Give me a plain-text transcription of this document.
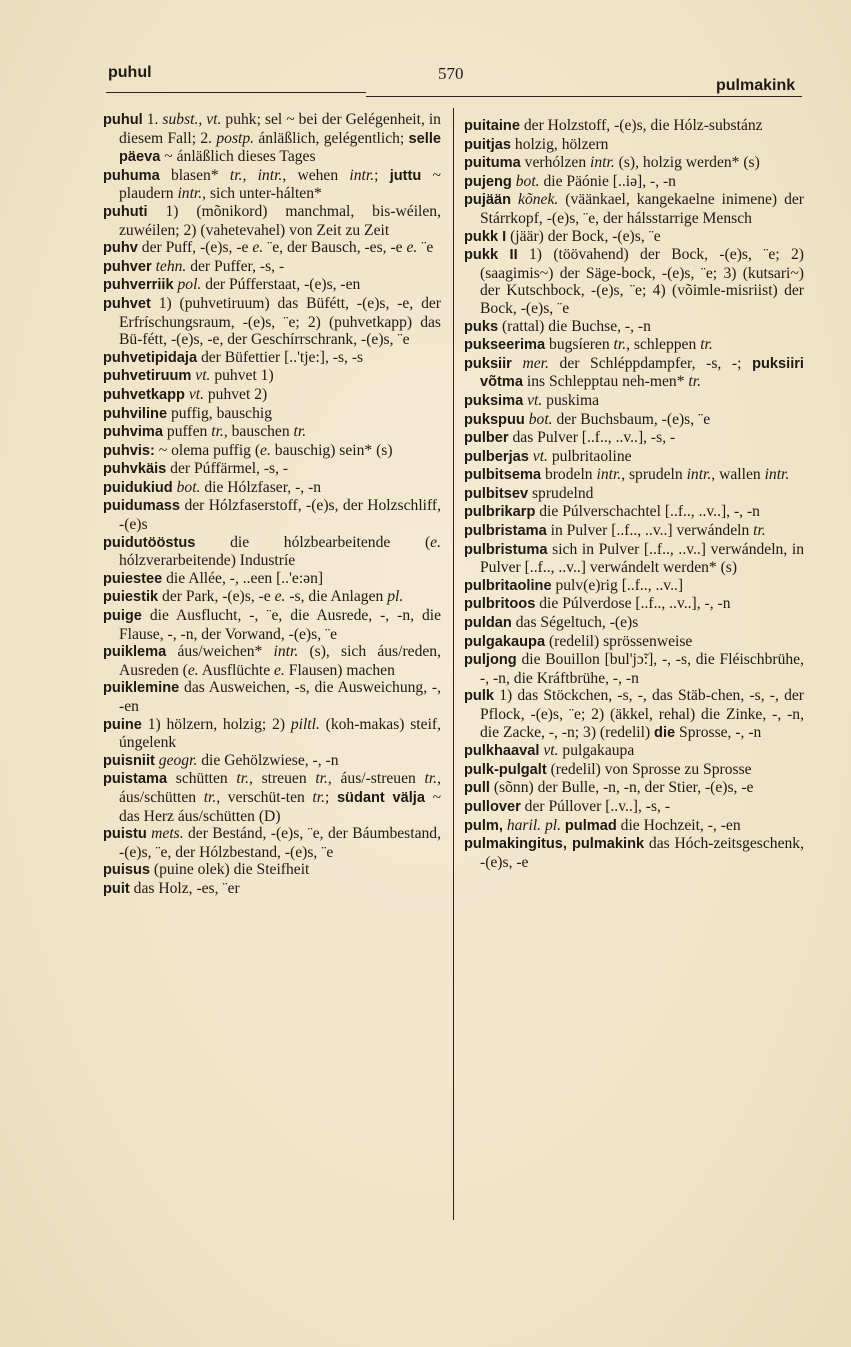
puhul	570
pulmakink
puhul 1. subst., vt. puhk; sel ~ bei der Gelégenheit, in diesem Fall; 2. postp. ánläßlich, gelégentlich; selle päeva ~ ánläßlich dieses Tages
puhuma blasen* tr., intr., wehen intr.; juttu ~ plaudern intr., sich unter-hálten*
puhuti 1) (mõnikord) manchmal, bis-wéilen, zuwéilen; 2) (vahetevahel) von Zeit zu Zeit
puhv der Puff, -(e)s, -e e. ¨e, der Bausch, -es, -e e. ¨e
puhver tehn. der Puffer, -s, -
puhverriik pol. der Púfferstaat, -(e)s, -en
puhvet 1) (puhvetiruum) das Büfétt, -(e)s, -e, der Erfríschungsraum, -(e)s, ¨e; 2) (puhvetkapp) das Bü-fétt, -(e)s, -e, der Geschírrschrank, -(e)s, ¨e
puhvetipidaja der Büfettier [..'tje:], -s, -s
puhvetiruum vt. puhvet 1)
puhvetkapp vt. puhvet 2)
puhviline puffig, bauschig
puhvima puffen tr., bauschen tr.
puhvis: ~ olema puffig (e. bauschig) sein* (s)
puhvkäis der Púffärmel, -s, -
puidukiud bot. die Hólzfaser, -, -n
puidumass der Hólzfaserstoff, -(e)s, der Holzschliff, -(e)s
puidutööstus die hólzbearbeitende (e. hólzverarbeitende) Industríe
puiestee die Alléе, -, ..een [..'e:ən]
puiestik der Park, -(e)s, -e e. -s, die Anlagen pl.
puige die Ausflucht, -, ¨e, die Ausrede, -, -n, die Flause, -, -n, der Vorwand, -(e)s, ¨e
puiklema áus/weichen* intr. (s), sich áus/reden, Ausreden (e. Ausflüchte e. Flausen) machen
puiklemine das Ausweichen, -s, die Ausweichung, -, -en
puine 1) hölzern, holzig; 2) piltl. (koh-makas) steif, úngelenk
puisniit geogr. die Gehölzwiese, -, -n
puistama schütten tr., streuen tr., áus/-streuen tr., áus/schütten tr., verschüt-ten tr.; südant välja ~ das Herz áus/schütten (D)
puistu mets. der Bestánd, -(e)s, ¨e, der Báumbestand, -(e)s, ¨e, der Hólzbestand, -(e)s, ¨e
puisus (puine olek) die Steifheit
puit das Holz, -es, ¨er
puitaine der Holzstoff, -(e)s, die Hólz-substánz
puitjas holzig, hölzern
puituma verhólzen intr. (s), holzig werden* (s)
pujeng bot. die Päónie [..iə], -, -n
pujään kõnek. (väänkael, kangekaelne inimene) der Stárrkopf, -(e)s, ¨e, der hálsstarrige Mensch
pukk I (jäär) der Bock, -(e)s, ¨e
pukk II 1) (töövahend) der Bock, -(e)s, ¨e; 2) (saagimis~) der Säge-bock, -(e)s, ¨e; 3) (kutsari~) der Kutschbock, -(e)s, ¨e; 4) (võimle-misriist) der Bock, -(e)s, ¨e
puks (rattal) die Buchse, -, -n
pukseerima bugsíeren tr., schleppen tr.
puksiir mer. der Schléppdampfer, -s, -; puksiiri võtma ins Schlepptau neh-men* tr.
puksima vt. puskima
pukspuu bot. der Buchsbaum, -(e)s, ¨e
pulber das Pulver [..f.., ..v..], -s, -
pulberjas vt. pulbritaoline
pulbitsema brodeln intr., sprudeln intr., wallen intr.
pulbitsev sprudelnd
pulbrikarp die Púlverschachtel [..f.., ..v..], -, -n
pulbristama in Pulver [..f.., ..v..] verwándeln tr.
pulbristuma sich in Pulver [..f.., ..v..] verwándeln, in Pulver [..f.., ..v..] verwándelt werden* (s)
pulbritaoline pulv(e)rig [..f.., ..v..]
pulbritoos die Púlverdose [..f.., ..v..], -, -n
puldan das Ségeltuch, -(e)s
pulgakaupa (redelil) sprössenweise
puljong die Bouillon [bul'jɔ̃:], -, -s, die Fléischbrühe, -, -n, die Kráftbrühe, -, -n
pulk 1) das Stöckchen, -s, -, das Stäb-chen, -s, -, der Pflock, -(e)s, ¨e; 2) (äkkel, rehal) die Zinke, -, -n, die Zacke, -, -n; 3) (redelil) die Sprosse, -, -n
pulkhaaval vt. pulgakaupa
pulk-pulgalt (redelil) von Sprosse zu Sprosse
pull (sõnn) der Bulle, -n, -n, der Stier, -(e)s, -e
pullover der Púllover [..v..], -s, -
pulm, haril. pl. pulmad die Hochzeit, -, -en
pulmakingitus, pulmakink das Hóch-zeitsgeschenk, -(e)s, -e
